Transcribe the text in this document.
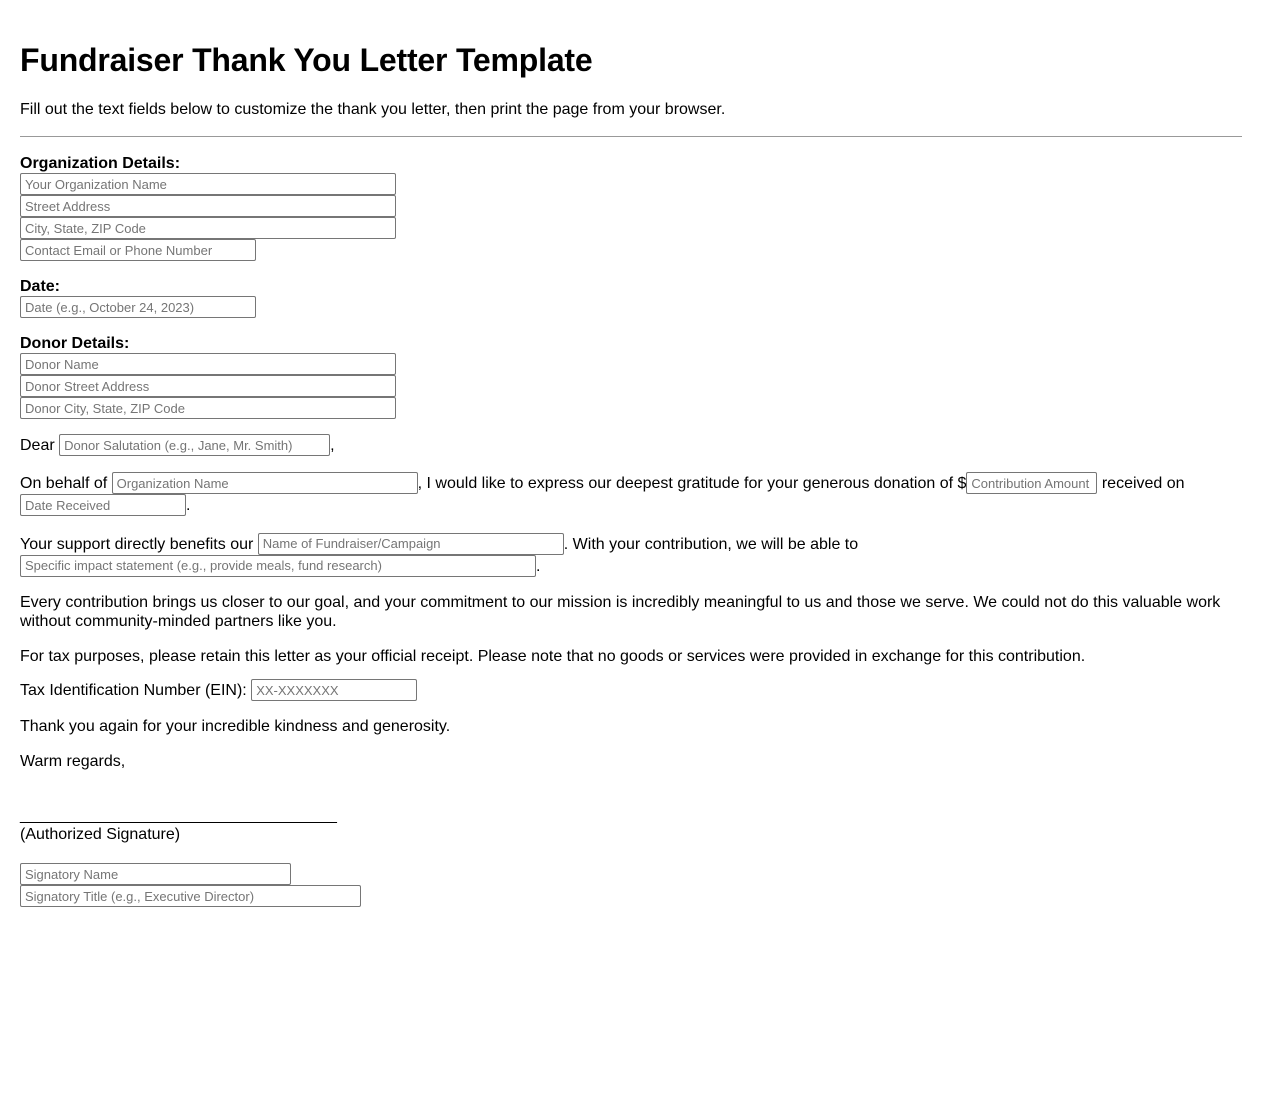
Fundraiser Thank You Letter Template

Fill out the text fields below to customize the thank you letter, then print the page from your browser.

Organization Details:
Your Organization Name
Street Address
City, State, ZIP Code
Contact Email or Phone Number
Date:
Date (e.g., October 24, 2023)
Donor Details:
Donor Name
Donor Street Address
Donor City, State, ZIP Code

Dear Donor Salutation (e.g., Jane, Mr. Smith)	,

On behalf of Organization Name	, I would like to express our deepest gratitude for your generous donation of $Contribution Amount	received on
Date Received.

Your support directly benefits our Name of Fundraiser/Campaign	. With your contribution, we will be able to
Specific impact statement (e.g., provide meals, fund research).

Every contribution brings us closer to our goal, and your commitment to our mission is incredibly meaningful to us and those we serve. We could not do this valuable work without community-minded partners like you.

For tax purposes, please retain this letter as your official receipt. Please note that no goods or services were provided in exchange for this contribution.

Tax Identification Number (EIN): XX-XXXXXXX

Thank you again for your incredible kindness and generosity.

Warm regards,

________________________________________

(Authorized Signature)

Signatory Name
Signatory Title (e.g., Executive Director)
